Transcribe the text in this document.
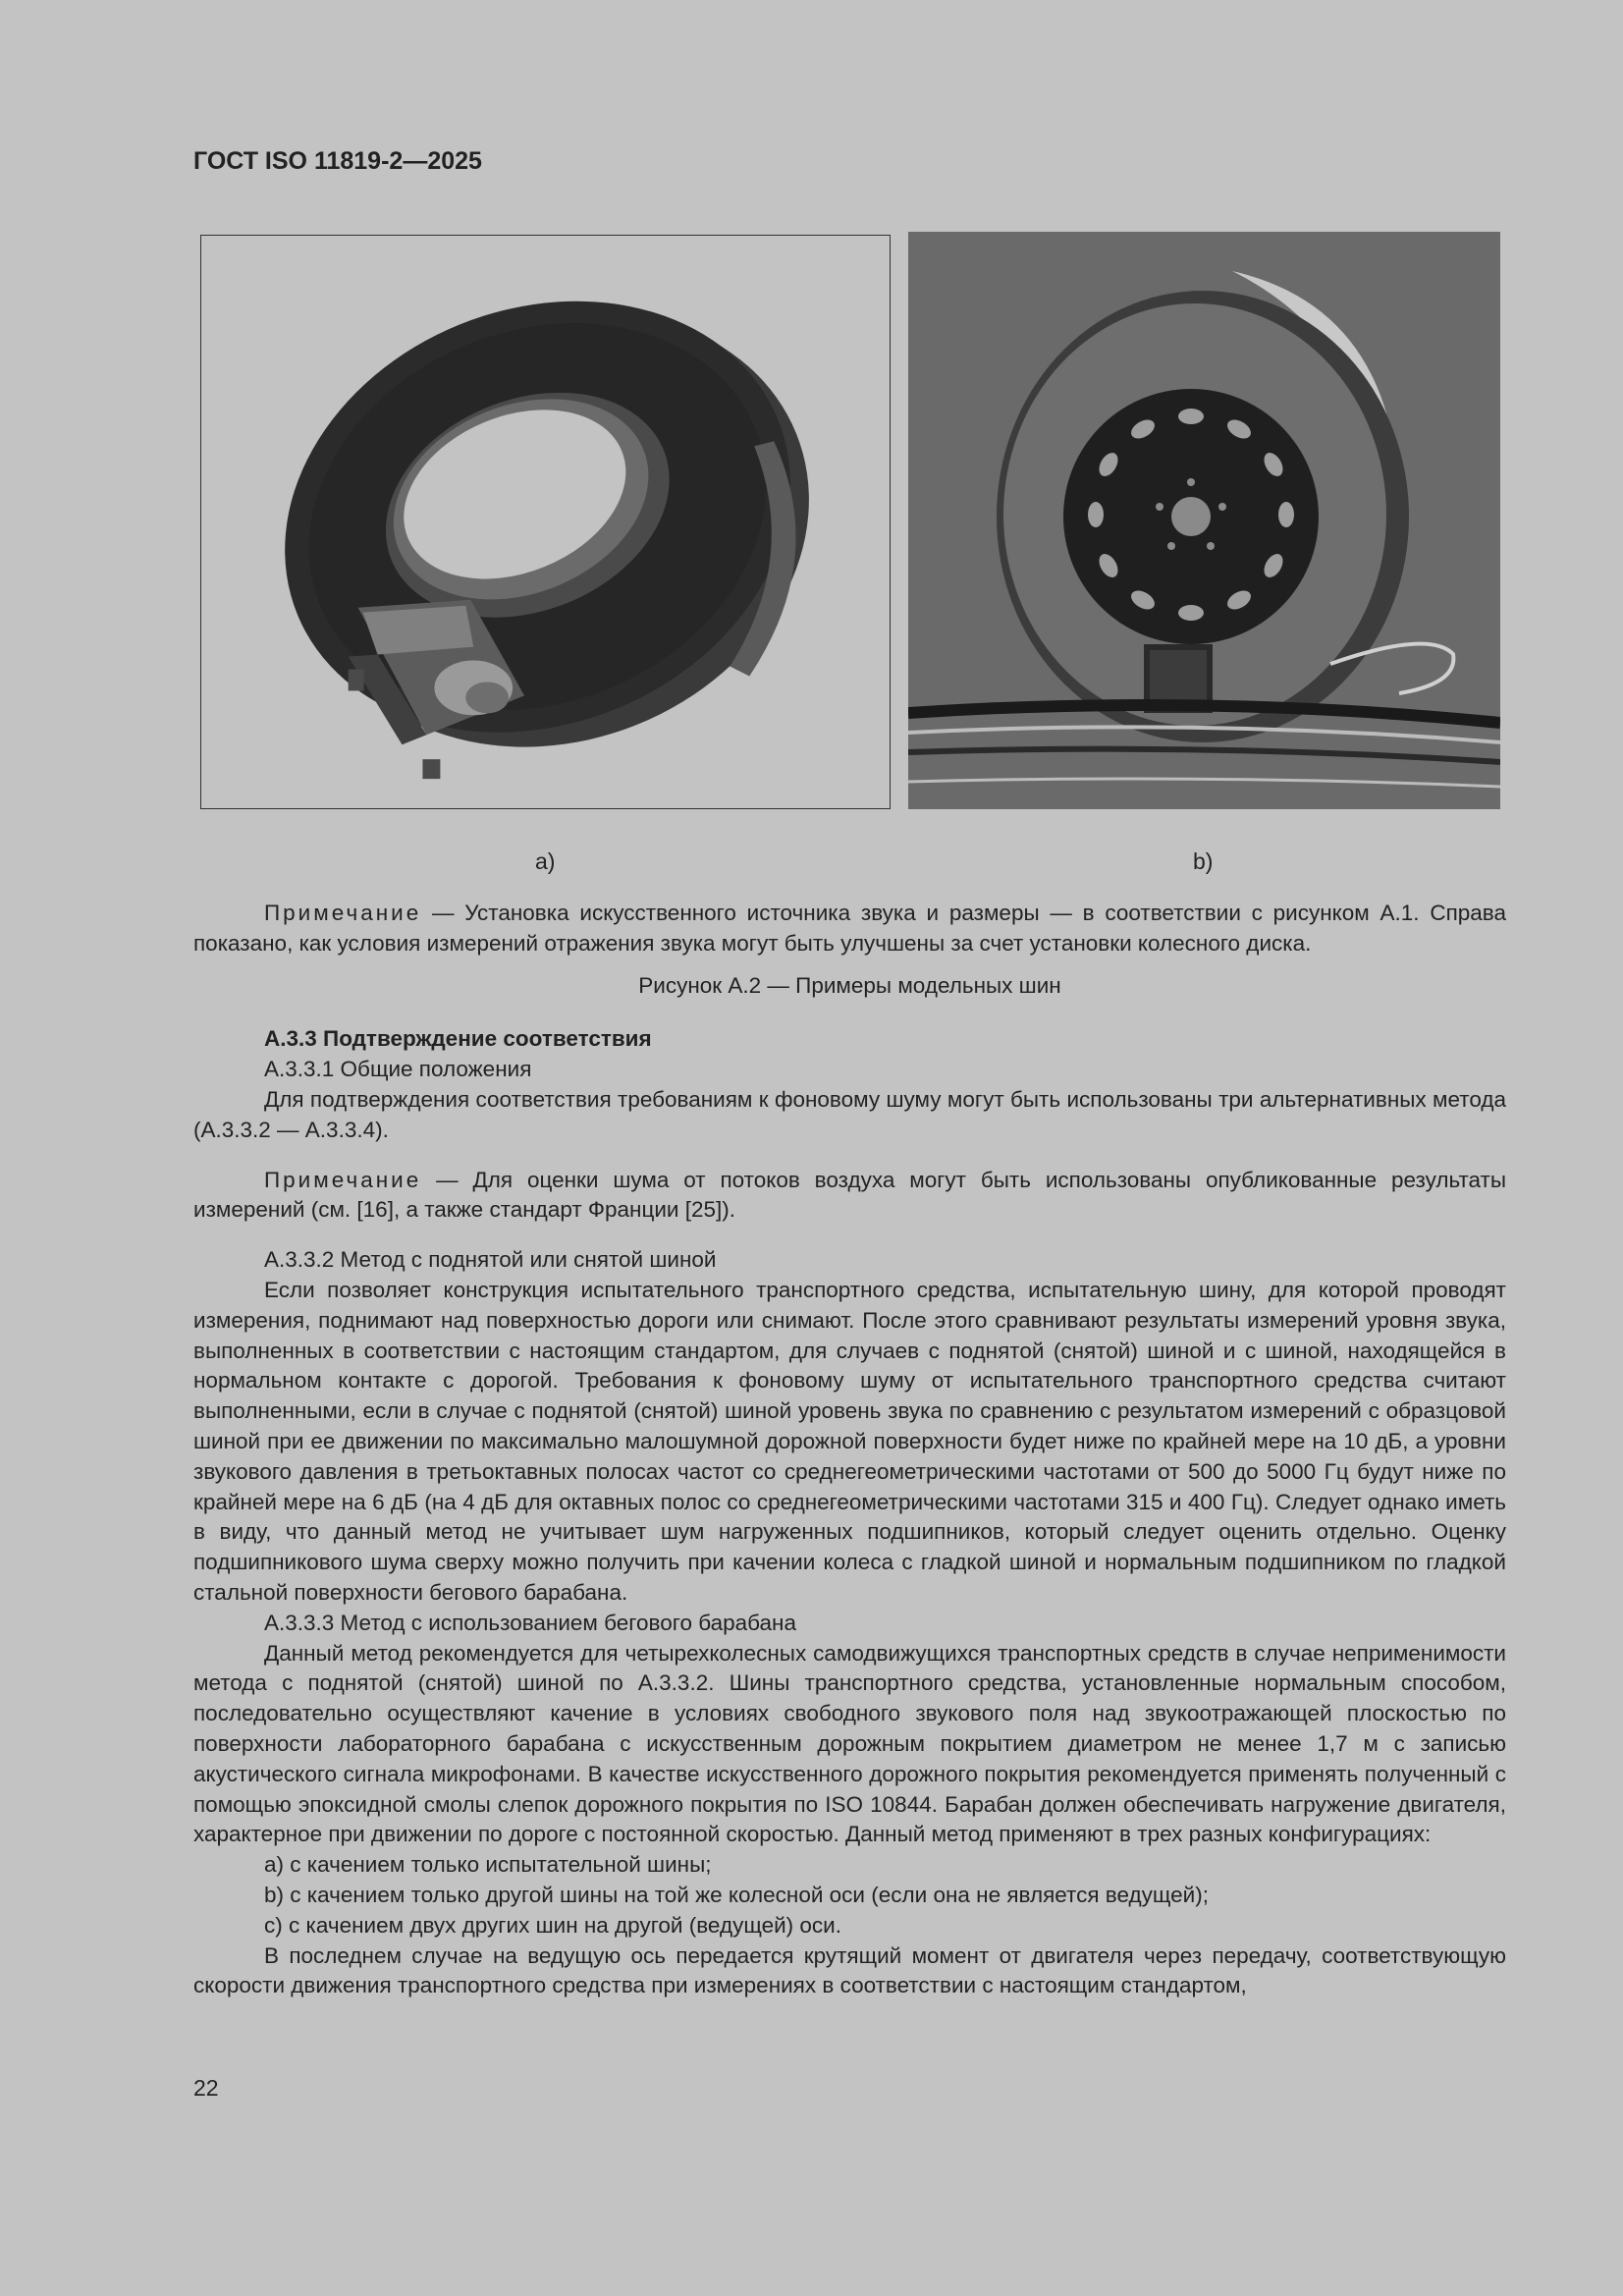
ГОСТ ISO 11819-2—2025
a)	b)

Примечание — Установка искусственного источника звука и размеры — в соответствии с рисунком А.1. Справа показано, как условия измерений отражения звука могут быть улучшены за счет установки колесного диска.

Рисунок А.2 — Примеры модельных шин

А.3.3 Подтверждение соответствия

А.3.3.1 Общие положения

Для подтверждения соответствия требованиям к фоновому шуму могут быть использованы три альтернативных метода (А.3.3.2 — А.3.3.4).

Примечание — Для оценки шума от потоков воздуха могут быть использованы опубликованные результаты измерений (см. [16], а также стандарт Франции [25]).

А.3.3.2 Метод с поднятой или снятой шиной

Если позволяет конструкция испытательного транспортного средства, испытательную шину, для которой проводят измерения, поднимают над поверхностью дороги или снимают. После этого сравнивают результаты измерений уровня звука, выполненных в соответствии с настоящим стандартом, для случаев с поднятой (снятой) шиной и с шиной, находящейся в нормальном контакте с дорогой. Требования к фоновому шуму от испытательного транспортного средства считают выполненными, если в случае с поднятой (снятой) шиной уровень звука по сравнению с результатом измерений с образцовой шиной при ее движении по максимально малошумной дорожной поверхности будет ниже по крайней мере на 10 дБ, а уровни звукового давления в третьоктавных полосах частот со среднегеометрическими частотами от 500 до 5000 Гц будут ниже по крайней мере на 6 дБ (на 4 дБ для октавных полос со среднегеометрическими частотами 315 и 400 Гц). Следует однако иметь в виду, что данный метод не учитывает шум нагруженных подшипников, который следует оценить отдельно. Оценку подшипникового шума сверху можно получить при качении колеса с гладкой шиной и нормальным подшипником по гладкой стальной поверхности бегового барабана.

А.3.3.3 Метод с использованием бегового барабана

Данный метод рекомендуется для четырехколесных самодвижущихся транспортных средств в случае неприменимости метода с поднятой (снятой) шиной по А.3.3.2. Шины транспортного средства, установленные нормальным способом, последовательно осуществляют качение в условиях свободного звукового поля над звукоотражающей плоскостью по поверхности лабораторного барабана с искусственным дорожным покрытием диаметром не менее 1,7 м с записью акустического сигнала микрофонами. В качестве искусственного дорожного покрытия рекомендуется применять полученный с помощью эпоксидной смолы слепок дорожного покрытия по ISO 10844. Барабан должен обеспечивать нагружение двигателя, характерное при движении по дороге с постоянной скоростью. Данный метод применяют в трех разных конфигурациях:

а) с качением только испытательной шины;

b) с качением только другой шины на той же колесной оси (если она не является ведущей);

с) с качением двух других шин на другой (ведущей) оси.

В последнем случае на ведущую ось передается крутящий момент от двигателя через передачу, соответствующую скорости движения транспортного средства при измерениях в соответствии с настоящим стандартом,

22
